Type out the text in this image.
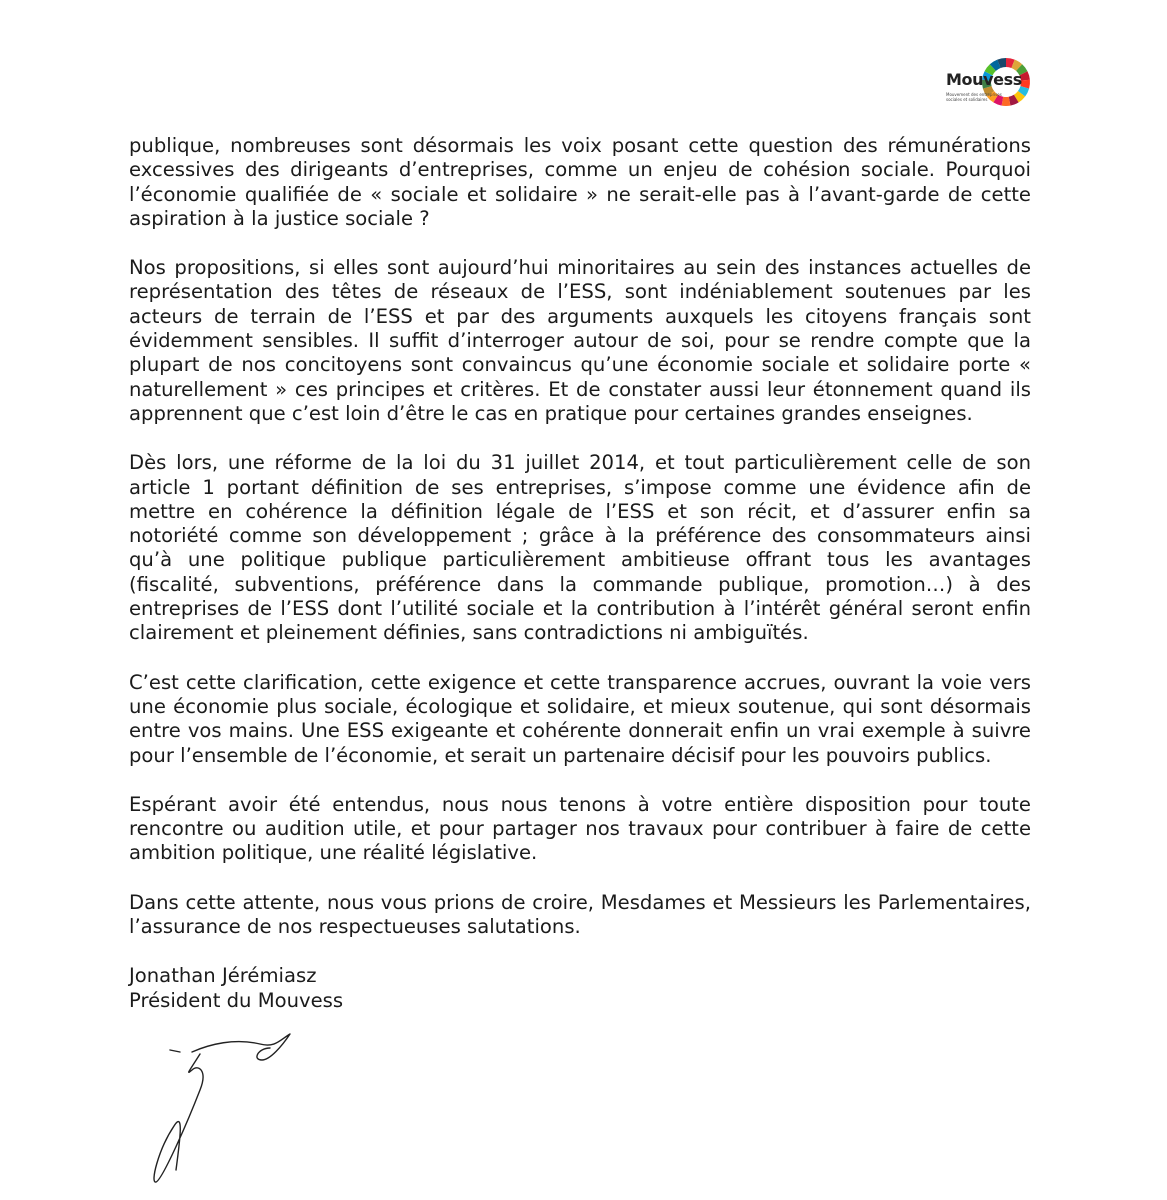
Mouvess
Mouvement des entreprises sociales et solidaires

publique, nombreuses sont désormais les voix posant cette question des rémunérations excessives des dirigeants d’entreprises, comme un enjeu de cohésion sociale. Pourquoi l’économie qualifiée de « sociale et solidaire » ne serait-elle pas à l’avant-garde de cette aspiration à la justice sociale ?

Nos propositions, si elles sont aujourd’hui minoritaires au sein des instances actuelles de représentation des têtes de réseaux de l’ESS, sont indéniablement soutenues par les acteurs de terrain de l’ESS et par des arguments auxquels les citoyens français sont évidemment sensibles. Il suffit d’interroger autour de soi, pour se rendre compte que la plupart de nos concitoyens sont convaincus qu’une économie sociale et solidaire porte « naturellement » ces principes et critères. Et de constater aussi leur étonnement quand ils apprennent que c’est loin d’être le cas en pratique pour certaines grandes enseignes.

Dès lors, une réforme de la loi du 31 juillet 2014, et tout particulièrement celle de son article 1 portant définition de ses entreprises, s’impose comme une évidence afin de mettre en cohérence la définition légale de l’ESS et son récit, et d’assurer enfin sa notoriété comme son développement ; grâce à la préférence des consommateurs ainsi qu’à une politique publique particulièrement ambitieuse offrant tous les avantages (fiscalité, subventions, préférence dans la commande publique, promotion…) à des entreprises de l’ESS dont l’utilité sociale et la contribution à l’intérêt général seront enfin clairement et pleinement définies, sans contradictions ni ambiguïtés.

C’est cette clarification, cette exigence et cette transparence accrues, ouvrant la voie vers une économie plus sociale, écologique et solidaire, et mieux soutenue, qui sont désormais entre vos mains. Une ESS exigeante et cohérente donnerait enfin un vrai exemple à suivre pour l’ensemble de l’économie, et serait un partenaire décisif pour les pouvoirs publics.

Espérant avoir été entendus, nous nous tenons à votre entière disposition pour toute rencontre ou audition utile, et pour partager nos travaux pour contribuer à faire de cette ambition politique, une réalité législative.

Dans cette attente, nous vous prions de croire, Mesdames et Messieurs les Parlementaires, l’assurance de nos respectueuses salutations.

Jonathan Jérémiasz
Président du Mouvess
